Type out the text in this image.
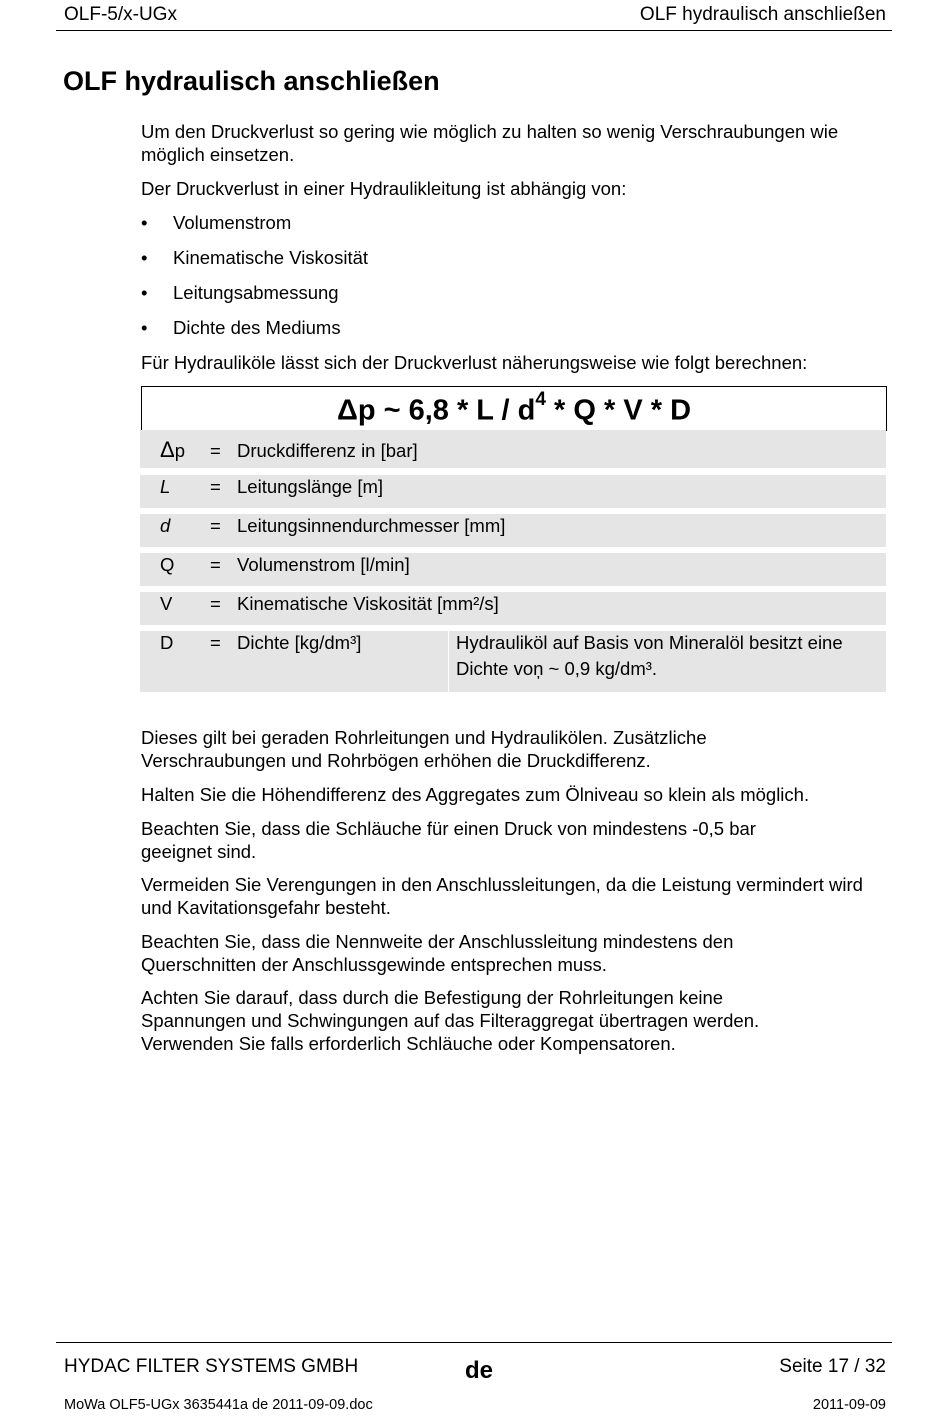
OLF-5/x-UGx	OLF hydraulisch anschließen
OLF hydraulisch anschließen

Um den Druckverlust so gering wie möglich zu halten so wenig Verschraubungen wie möglich einsetzen.

Der Druckverlust in einer Hydraulikleitung ist abhängig von:

• Volumenstrom
• Kinematische Viskosität
• Leitungsabmessung
• Dichte des Mediums

Für Hydrauliköle lässt sich der Druckverlust näherungsweise wie folgt berechnen:

Δp ~ 6,8 * L / $d^4$ * Q * V * D
Δp = Druckdifferenz in [bar]
L = Leitungslänge [m]
d = Leitungsinnendurchmesser [mm]
Q = Volumenstrom [l/min]
V = Kinematische Viskosität [mm²/s]
D = Dichte [kg/dm³]	Hydrauliköl auf Basis von Mineralöl besitzt eine Dichte voņ ~ 0,9 kg/dm³.

Dieses gilt bei geraden Rohrleitungen und Hydraulikölen. Zusätzliche Verschraubungen und Rohrbögen erhöhen die Druckdifferenz.

Halten Sie die Höhendifferenz des Aggregates zum Ölniveau so klein als möglich.

Beachten Sie, dass die Schläuche für einen Druck von mindestens -0,5 bar geeignet sind.

Vermeiden Sie Verengungen in den Anschlussleitungen, da die Leistung vermindert wird und Kavitationsgefahr besteht.

Beachten Sie, dass die Nennweite der Anschlussleitung mindestens den Querschnitten der Anschlussgewinde entsprechen muss.

Achten Sie darauf, dass durch die Befestigung der Rohrleitungen keine Spannungen und Schwingungen auf das Filteraggregat übertragen werden. Verwenden Sie falls erforderlich Schläuche oder Kompensatoren.

HYDAC FILTER SYSTEMS GMBH	de	Seite 17 / 32
MoWa OLF5-UGx 3635441a de 2011-09-09.doc	2011-09-09
